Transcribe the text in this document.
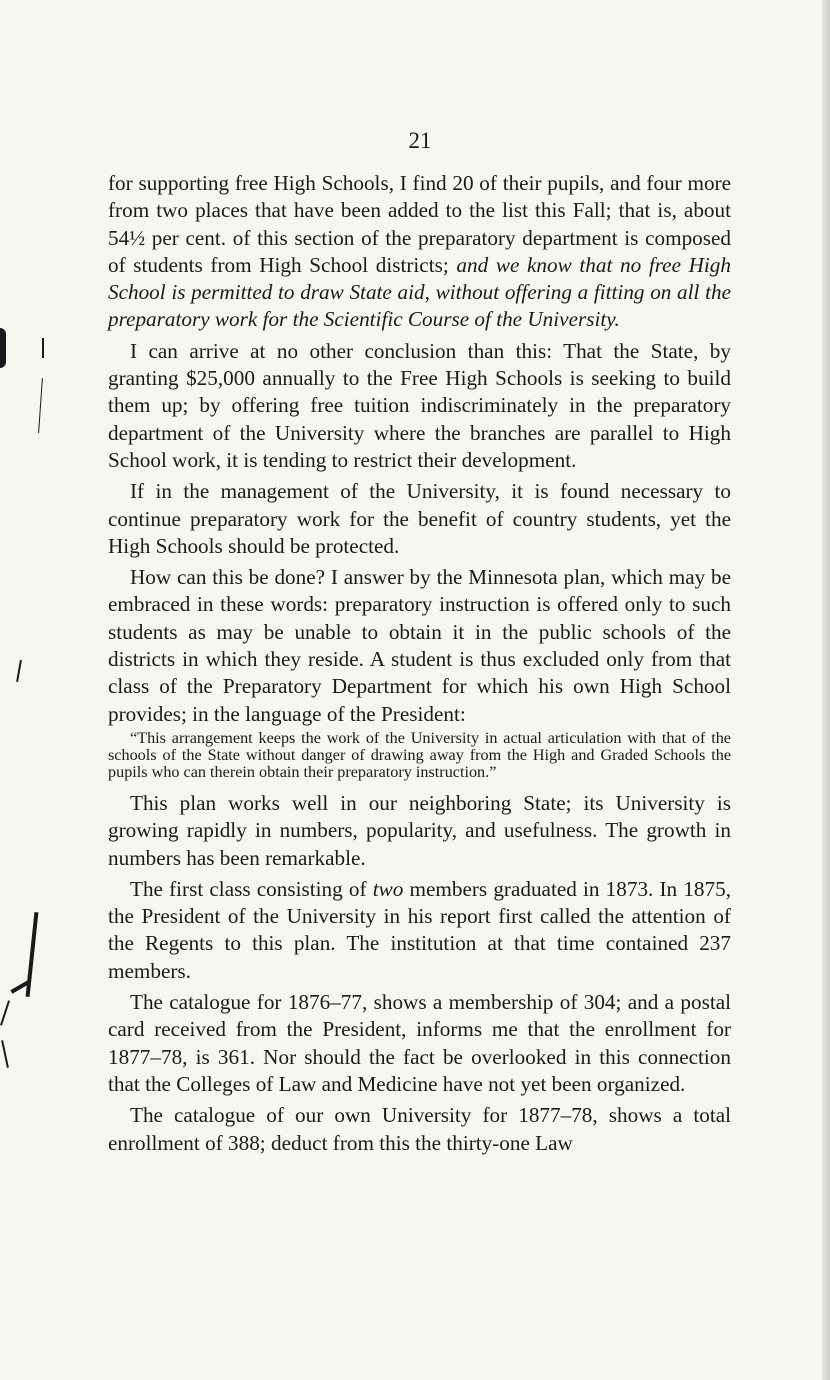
21

for supporting free High Schools, I find 20 of their pupils, and four more from two places that have been added to the list this Fall; that is, about 54½ per cent. of this section of the preparatory department is composed of students from High School districts; and we know that no free High School is permitted to draw State aid, without offering a fitting on all the preparatory work for the Scientific Course of the University.

I can arrive at no other conclusion than this: That the State, by granting $25,000 annually to the Free High Schools is seeking to build them up; by offering free tuition indiscriminately in the preparatory department of the University where the branches are parallel to High School work, it is tending to restrict their development.

If in the management of the University, it is found necessary to continue preparatory work for the benefit of country students, yet the High Schools should be protected.

How can this be done? I answer by the Minnesota plan, which may be embraced in these words: preparatory instruction is offered only to such students as may be unable to obtain it in the public schools of the districts in which they reside. A student is thus excluded only from that class of the Preparatory Department for which his own High School provides; in the language of the President:

“This arrangement keeps the work of the University in actual articulation with that of the schools of the State without danger of drawing away from the High and Graded Schools the pupils who can therein obtain their preparatory instruction.”

This plan works well in our neighboring State; its University is growing rapidly in numbers, popularity, and usefulness. The growth in numbers has been remarkable.

The first class consisting of two members graduated in 1873. In 1875, the President of the University in his report first called the attention of the Regents to this plan. The institution at that time contained 237 members.

The catalogue for 1876–77, shows a membership of 304; and a postal card received from the President, informs me that the enrollment for 1877–78, is 361. Nor should the fact be overlooked in this connection that the Colleges of Law and Medicine have not yet been organized.

The catalogue of our own University for 1877–78, shows a total enrollment of 388; deduct from this the thirty-one Law
